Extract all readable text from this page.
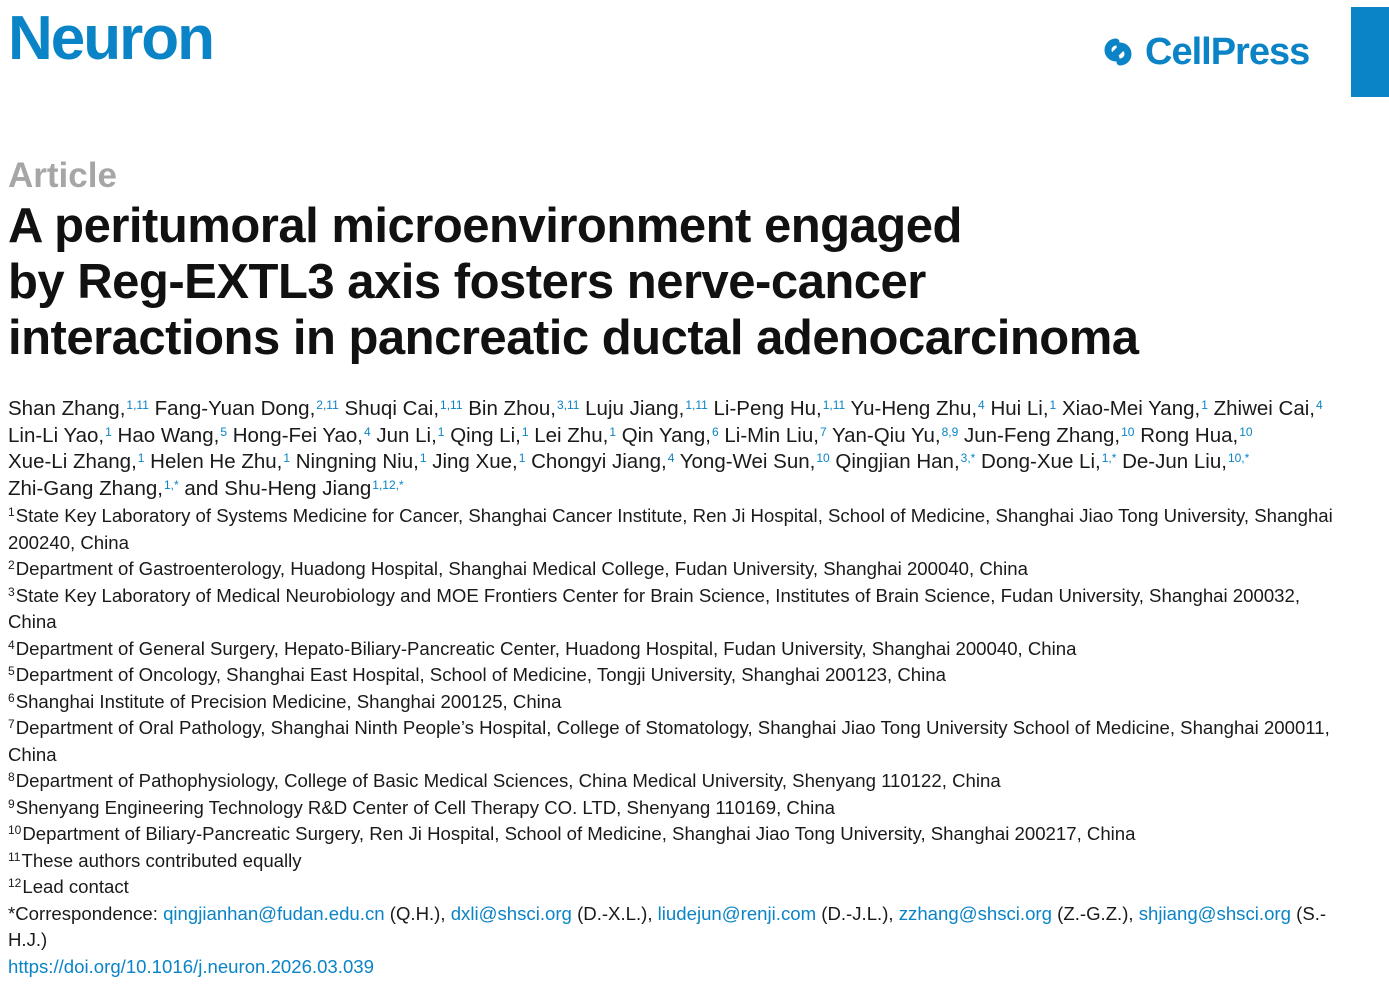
Neuron	CellPress
Article
A peritumoral microenvironment engaged
by Reg-EXTL3 axis fosters nerve-cancer
interactions in pancreatic ductal adenocarcinoma
Shan Zhang,$^{1,11}$ Fang-Yuan Dong,$^{2,11}$ Shuqi Cai,$^{1,11}$ Bin Zhou,$^{3,11}$ Luju Jiang,$^{1,11}$ Li-Peng Hu,$^{1,11}$ Yu-Heng Zhu,$^4$ Hui Li,$^1$ Xiao-Mei Yang,$^1$ Zhiwei Cai,$^4$ Lin-Li Yao,$^1$ Hao Wang,$^5$ Hong-Fei Yao,$^4$ Jun Li,$^1$ Qing Li,$^1$ Lei Zhu,$^1$ Qin Yang,$^6$ Li-Min Liu,$^7$ Yan-Qiu Yu,$^{8,9}$ Jun-Feng Zhang,$^{10}$ Rong Hua,$^{10}$ Xue-Li Zhang,$^1$ Helen He Zhu,$^1$ Ningning Niu,$^1$ Jing Xue,$^1$ Chongyi Jiang,$^4$ Yong-Wei Sun,$^{10}$ Qingjian Han,$^{3,*}$ Dong-Xue Li,$^{1,*}$ De-Jun Liu,$^{10,*}$ Zhi-Gang Zhang,$^{1,*}$ and Shu-Heng Jiang$^{1,12,*}$
$^1$State Key Laboratory of Systems Medicine for Cancer, Shanghai Cancer Institute, Ren Ji Hospital, School of Medicine, Shanghai Jiao Tong University, Shanghai 200240, China
$^2$Department of Gastroenterology, Huadong Hospital, Shanghai Medical College, Fudan University, Shanghai 200040, China
$^3$State Key Laboratory of Medical Neurobiology and MOE Frontiers Center for Brain Science, Institutes of Brain Science, Fudan University, Shanghai 200032, China
$^4$Department of General Surgery, Hepato-Biliary-Pancreatic Center, Huadong Hospital, Fudan University, Shanghai 200040, China
$^5$Department of Oncology, Shanghai East Hospital, School of Medicine, Tongji University, Shanghai 200123, China
$^6$Shanghai Institute of Precision Medicine, Shanghai 200125, China
$^7$Department of Oral Pathology, Shanghai Ninth People’s Hospital, College of Stomatology, Shanghai Jiao Tong University School of Medicine, Shanghai 200011, China
$^8$Department of Pathophysiology, College of Basic Medical Sciences, China Medical University, Shenyang 110122, China
$^9$Shenyang Engineering Technology R&D Center of Cell Therapy CO. LTD, Shenyang 110169, China
$^{10}$Department of Biliary-Pancreatic Surgery, Ren Ji Hospital, School of Medicine, Shanghai Jiao Tong University, Shanghai 200217, China
$^{11}$These authors contributed equally
$^{12}$Lead contact
*Correspondence: qingjianhan@fudan.edu.cn (Q.H.), dxli@shsci.org (D.-X.L.), liudejun@renji.com (D.-J.L.), zzhang@shsci.org (Z.-G.Z.), shjiang@shsci.org (S.-H.J.)
https://doi.org/10.1016/j.neuron.2026.03.039
